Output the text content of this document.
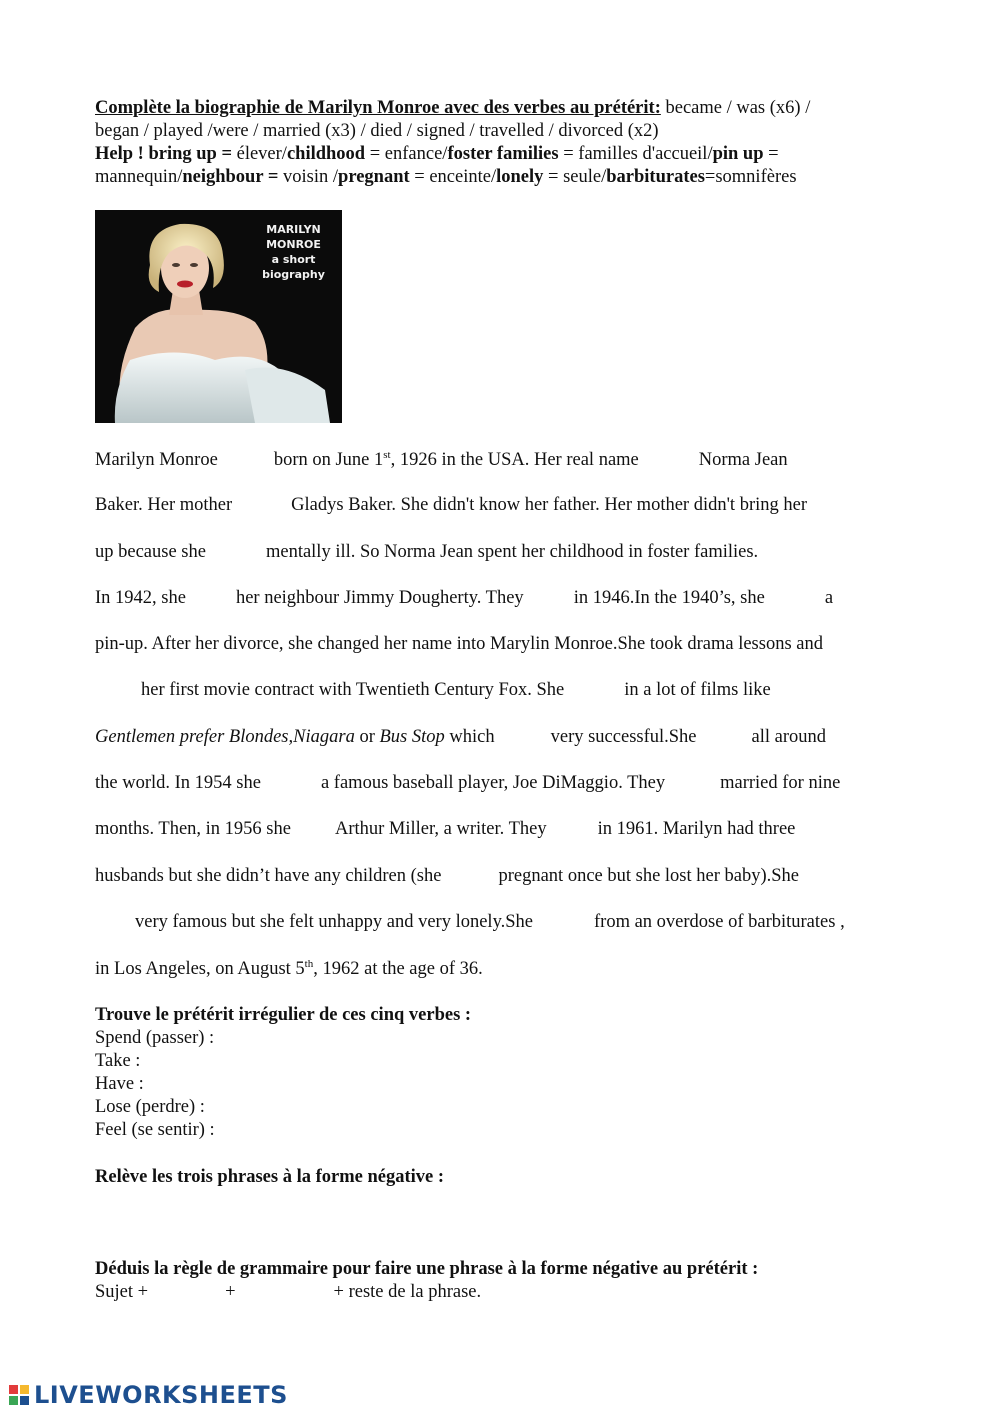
Complète la biographie de Marilyn Monroe avec des verbes au prétérit: became / was (x6) /
began / played /were / married (x3) / died / signed / travelled / divorced (x2)
Help ! bring up = élever/childhood = enfance/foster families = familles d'accueil/pin up =
mannequin/neighbour = voisin /pregnant = enceinte/lonely = seule/barbiturates=somnifères
MARILYN
MONROE
a short
biography
Marilyn Monroe	born on June 1st, 1926 in the USA. Her real name	Norma Jean
Baker. Her mother	Gladys Baker. She didn't know her father. Her mother didn't bring her
up because she	mentally ill. So Norma Jean spent her childhood in foster families.
In 1942, she	her neighbour Jimmy Dougherty. They	in 1946.In the 1940’s, she	a
pin-up. After her divorce, she changed her name into Marylin Monroe.She took drama lessons and
her first movie contract with Twentieth Century Fox. She	in a lot of films like
Gentlemen prefer Blondes,Niagara or Bus Stop which	very successful.She	all around
the world. In 1954 she	a famous baseball player, Joe DiMaggio. They	married for nine
months. Then, in 1956 she Arthur Miller, a writer. They	in 1961. Marilyn had three
husbands but she didn’t have any children (she	pregnant once but she lost her baby).She
very famous but she felt unhappy and very lonely.She	from an overdose of barbiturates ,
in Los Angeles, on August 5th, 1962 at the age of 36.
Trouve le prétérit irrégulier de ces cinq verbes :
Spend (passer) :
Take :
Have :
Lose (perdre) :
Feel (se sentir) :
Relève les trois phrases à la forme négative :
Déduis la règle de grammaire pour faire une phrase à la forme négative au prétérit :
Sujet +	+	+ reste de la phrase.
LIVEWORKSHEETS
